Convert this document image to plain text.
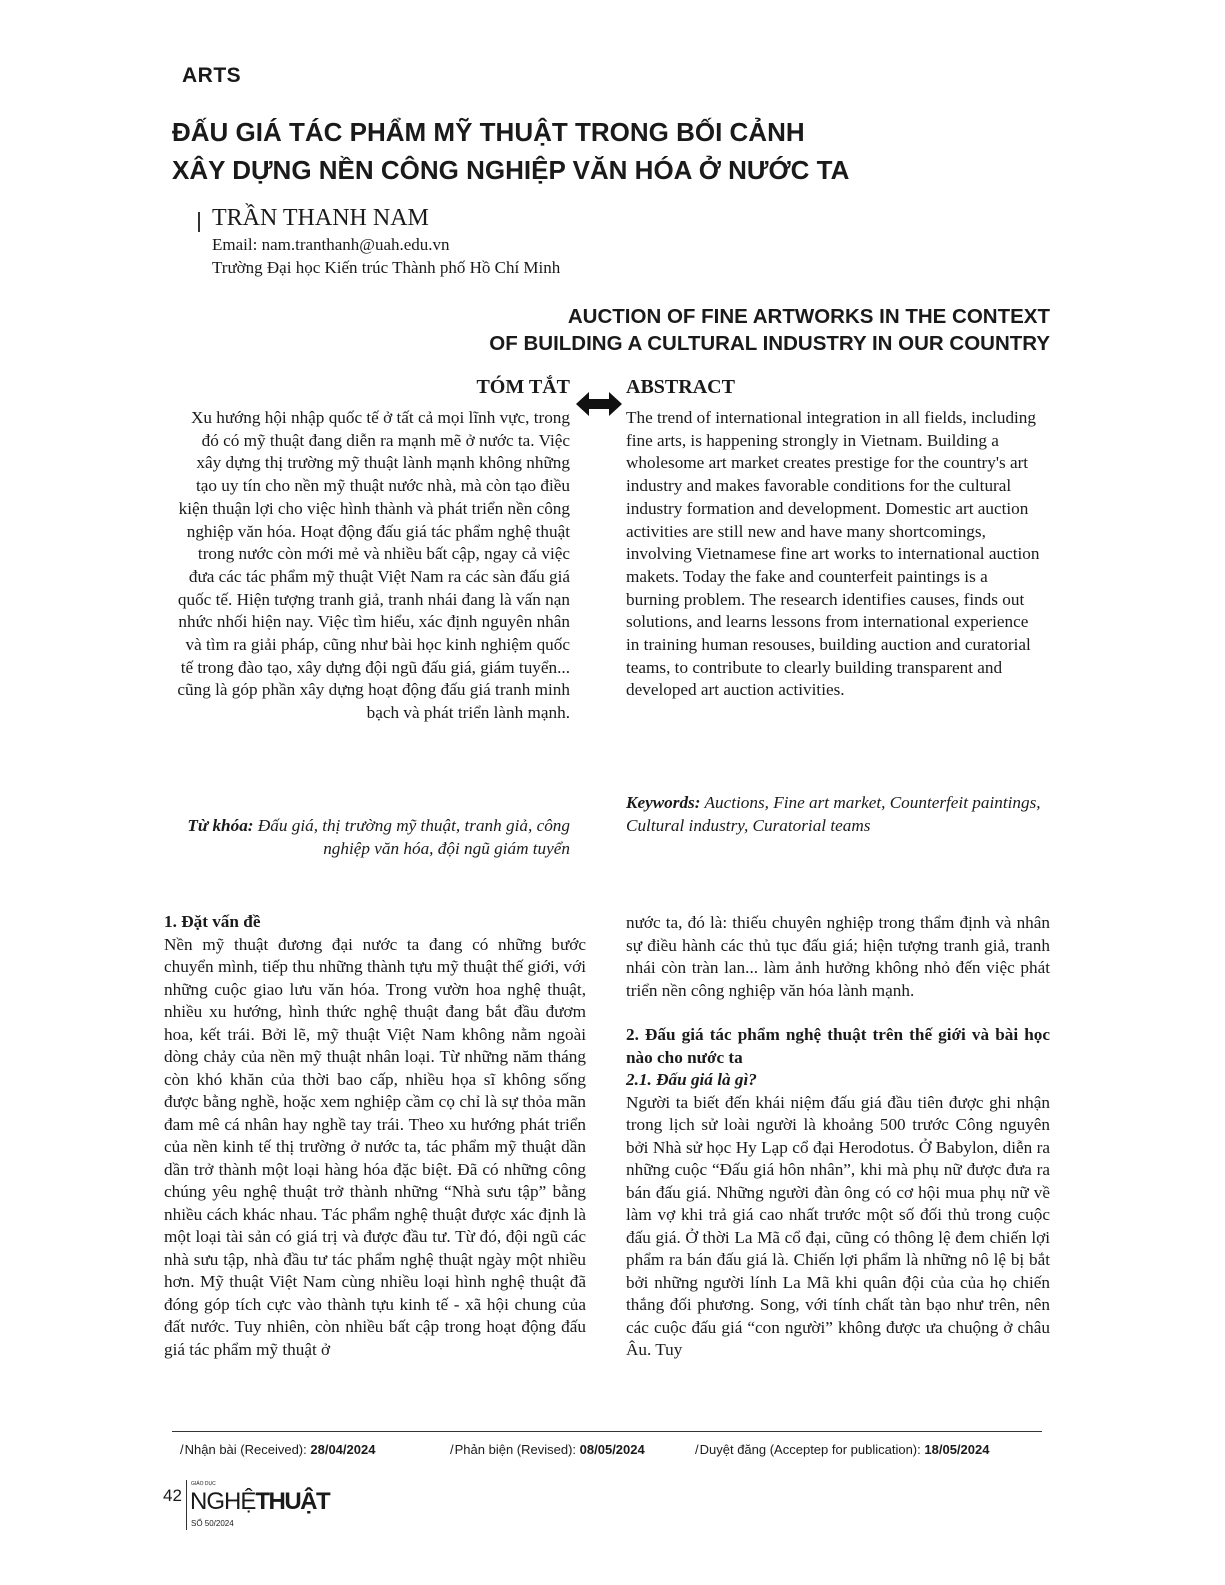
ARTS
ĐẤU GIÁ TÁC PHẨM MỸ THUẬT TRONG BỐI CẢNH
XÂY DỰNG NỀN CÔNG NGHIỆP VĂN HÓA Ở NƯỚC TA
TRẦN THANH NAM
Email: nam.tranthanh@uah.edu.vn
Trường Đại học Kiến trúc Thành phố Hồ Chí Minh
AUCTION OF FINE ARTWORKS IN THE CONTEXT
OF BUILDING A CULTURAL INDUSTRY IN OUR COUNTRY
TÓM TẮT
Xu hướng hội nhập quốc tế ở tất cả mọi lĩnh vực, trong đó có mỹ thuật đang diễn ra mạnh mẽ ở nước ta. Việc xây dựng thị trường mỹ thuật lành mạnh không những tạo uy tín cho nền mỹ thuật nước nhà, mà còn tạo điều kiện thuận lợi cho việc hình thành và phát triển nền công nghiệp văn hóa. Hoạt động đấu giá tác phẩm nghệ thuật trong nước còn mới mẻ và nhiều bất cập, ngay cả việc đưa các tác phẩm mỹ thuật Việt Nam ra các sàn đấu giá quốc tế. Hiện tượng tranh giả, tranh nhái đang là vấn nạn nhức nhối hiện nay. Việc tìm hiểu, xác định nguyên nhân và tìm ra giải pháp, cũng như bài học kinh nghiệm quốc tế trong đào tạo, xây dựng đội ngũ đấu giá, giám tuyển... cũng là góp phần xây dựng hoạt động đấu giá tranh minh bạch và phát triển lành mạnh.
Từ khóa: Đấu giá, thị trường mỹ thuật, tranh giả, công nghiệp văn hóa, đội ngũ giám tuyển
ABSTRACT
The trend of international integration in all fields, including fine arts, is happening strongly in Vietnam. Building a wholesome art market creates prestige for the country's art industry and makes favorable conditions for the cultural industry formation and development. Domestic art auction activities are still new and have many shortcomings, involving Vietnamese fine art works to international auction makets. Today the fake and counterfeit paintings is a burning problem. The research identifies causes, finds out solutions, and learns lessons from international experience in training human resouses, building auction and curatorial teams, to contribute to clearly building transparent and developed art auction activities.
Keywords: Auctions, Fine art market, Counterfeit paintings, Cultural industry, Curatorial teams

1. Đặt vấn đề

Nền mỹ thuật đương đại nước ta đang có những bước chuyển mình, tiếp thu những thành tựu mỹ thuật thế giới, với những cuộc giao lưu văn hóa. Trong vườn hoa nghệ thuật, nhiều xu hướng, hình thức nghệ thuật đang bắt đầu đươm hoa, kết trái. Bởi lẽ, mỹ thuật Việt Nam không nằm ngoài dòng chảy của nền mỹ thuật nhân loại. Từ những năm tháng còn khó khăn của thời bao cấp, nhiều họa sĩ không sống được bằng nghề, hoặc xem nghiệp cầm cọ chỉ là sự thỏa mãn đam mê cá nhân hay nghề tay trái. Theo xu hướng phát triển của nền kinh tế thị trường ở nước ta, tác phẩm mỹ thuật dần dần trở thành một loại hàng hóa đặc biệt. Đã có những công chúng yêu nghệ thuật trở thành những “Nhà sưu tập” bằng nhiều cách khác nhau. Tác phẩm nghệ thuật được xác định là một loại tài sản có giá trị và được đầu tư. Từ đó, đội ngũ các nhà sưu tập, nhà đầu tư tác phẩm nghệ thuật ngày một nhiều hơn. Mỹ thuật Việt Nam cùng nhiều loại hình nghệ thuật đã đóng góp tích cực vào thành tựu kinh tế - xã hội chung của đất nước. Tuy nhiên, còn nhiều bất cập trong hoạt động đấu giá tác phẩm mỹ thuật ở

nước ta, đó là: thiếu chuyên nghiệp trong thẩm định và nhân sự điều hành các thủ tục đấu giá; hiện tượng tranh giả, tranh nhái còn tràn lan... làm ảnh hưởng không nhỏ đến việc phát triển nền công nghiệp văn hóa lành mạnh.

2. Đấu giá tác phẩm nghệ thuật trên thế giới và bài học nào cho nước ta

2.1. Đấu giá là gì?

Người ta biết đến khái niệm đấu giá đầu tiên được ghi nhận trong lịch sử loài người là khoảng 500 trước Công nguyên bởi Nhà sử học Hy Lạp cổ đại Herodotus. Ở Babylon, diễn ra những cuộc “Đấu giá hôn nhân”, khi mà phụ nữ được đưa ra bán đấu giá. Những người đàn ông có cơ hội mua phụ nữ về làm vợ khi trả giá cao nhất trước một số đối thủ trong cuộc đấu giá. Ở thời La Mã cổ đại, cũng có thông lệ đem chiến lợi phẩm ra bán đấu giá là. Chiến lợi phẩm là những nô lệ bị bắt bởi những người lính La Mã khi quân đội của của họ chiến thắng đối phương. Song, với tính chất tàn bạo như trên, nên các cuộc đấu giá “con người” không được ưa chuộng ở châu Âu. Tuy

/Nhận bài (Received): 28/04/2024	/Phản biện (Revised): 08/05/2024	/Duyệt đăng (Acceptep for publication): 18/05/2024
42
GIÁO DỤC
NGHỆTHUẬT
SỐ 50/2024
